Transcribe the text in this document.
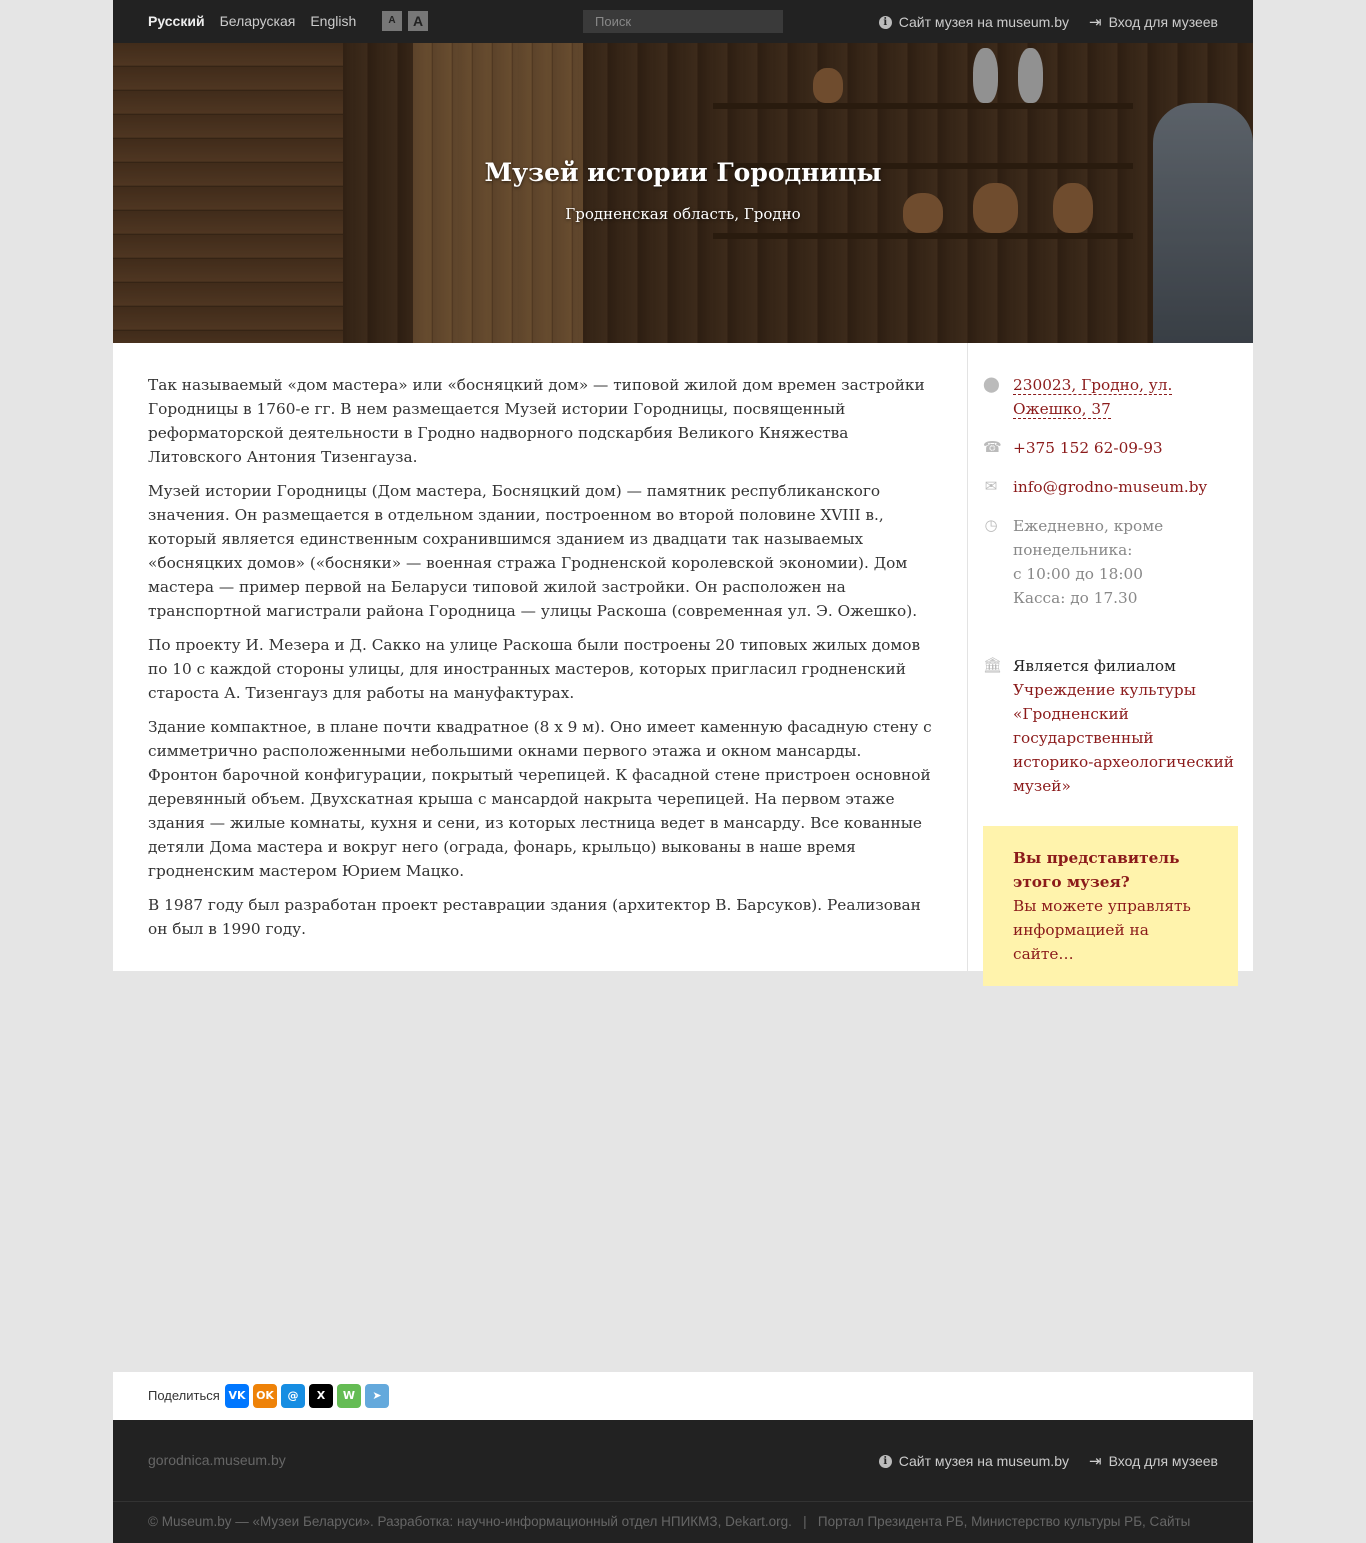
Русский Беларуская English	A	A
Поиск	i Сайт музея на museum.by ⇥ Вход для музеев
Музей истории Городницы
Гродненская область, Гродно

Так называемый «дом мастера» или «босняцкий дом» — типовой жилой дом времен застройки Городницы в 1760-е гг. В нем размещается Музей истории Городницы, посвященный реформаторской деятельности в Гродно надворного подскарбия Великого Княжества Литовского Антония Тизенгауза.

Музей истории Городницы (Дом мастера, Босняцкий дом) — памятник республиканского значения. Он размещается в отдельном здании, построенном во второй половине XVIII в., который является единственным сохранившимся зданием из двадцати так называемых «босняцких домов» («босняки» — военная стража Гродненской королевской экономии). Дом мастера — пример первой на Беларуси типовой жилой застройки. Он расположен на транспортной магистрали района Городница — улицы Раскоша (современная ул. Э. Ожешко).

По проекту И. Мезера и Д. Сакко на улице Раскоша были построены 20 типовых жилых домов по 10 с каждой стороны улицы, для иностранных мастеров, которых пригласил гродненский староста А. Тизенгауз для работы на мануфактурах.

Здание компактное, в плане почти квадратное (8 х 9 м). Оно имеет каменную фасадную стену с симметрично расположенными небольшими окнами первого этажа и окном мансарды. Фронтон барочной конфигурации, покрытый черепицей. К фасадной стене пристроен основной деревянный объем. Двухскатная крыша с мансардой накрыта черепицей. На первом этаже здания — жилые комнаты, кухня и сени, из которых лестница ведет в мансарду. Все кованные детяли Дома мастера и вокруг него (ограда, фонарь, крыльцо) выкованы в наше время гродненским мастером Юрием Мацко.

В 1987 году был разработан проект реставрации здания (архитектор В. Барсуков). Реализован он был в 1990 году.

⬤ 230023, Гродно, ул. Ожешко, 37
☎ +375 152 62-09-93
✉ info@grodno-museum.by
◷ Ежедневно, кроме понедельника:
с 10:00 до 18:00
Касса: до 17.30
🏛 Является филиалом
Учреждение культуры «Гродненский государственный историко-археологический музей»
Вы представитель этого музея?
Вы можете управлять информацией на сайте…
Поделиться VK OK	@	X	W	➤
gorodnica.museum.by	i Сайт музея на museum.by ⇥ Вход для музеев
© Museum.by — «Музеи Беларуси». Разработка: научно-информационный отдел НПИКМЗ, Dekart.org. | Портал Президента РБ, Министерство культуры РБ, Сайты
